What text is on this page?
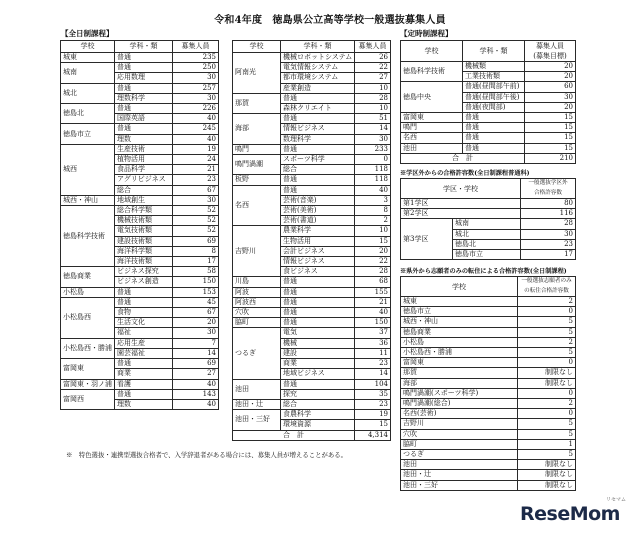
令和4年度　徳島県公立高等学校一般選抜募集人員
【全日制課程】	【定時制課程】
学校	学科・類	募集人員
城東	普通	235
城南	普通	250
	応用数理	30
城北	普通	257
	理数科学	30
徳島北	普通	226
	国際英語	40
徳島市立	普通	245
	理数	40
城西	生産技術	19
	植物活用	24
	食品科学	21
	アグリビジネス	23
	総合	67
城西・神山	地域創生	30
徳島科学技術	総合科学類	52
	機械技術類	52
	電気技術類	52
	建設技術類	69
	海洋科学類	8
	海洋技術類	17
徳島商業	ビジネス探究	58
	ビジネス創造	150
小松島	普通	153
小松島西	普通	45
	食物	67
	生活文化	20
	福祉	30
小松島西・勝浦	応用生産	7
	園芸福祉	14
富岡東	普通	69
	商業	27
富岡東・羽ノ浦	看護	40
富岡西	普通	143
	理数	40
学校	学科・類	募集人員
阿南光	機械ロボットシステム	26
	電気情報システム	22
	都市環境システム	27
	産業創造	10
那賀	普通	28
	森林クリエイト	10
海部	普通	51
	情報ビジネス	14
	数理科学	30
鳴門	普通	233
鳴門渦潮	スポーツ科学	0
	総合	118
板野	普通	118
名西	普通	40
	芸術(音楽)	3
	芸術(美術)	8
	芸術(書道)	2
吉野川	農業科学	10
	生物活用	15
	会計ビジネス	20
	情報ビジネス	22
	食ビジネス	28
川島	普通	68
阿波	普通	155
阿波西	普通	21
穴吹	普通	40
脇町	普通	150
つるぎ	電気	37
	機械	36
	建設	11
	商業	23
	地域ビジネス	14
池田	普通	104
	探究	35
池田・辻	総合	23
池田・三好	食農科学	19
	環境資源	15
合　計		4,314
学校	学科・類	募集人員
(募集目標)
徳島科学技術	機械類	20
	工業技術類	20
徳島中央	普通(昼間部午前)	60
	普通(昼間部午後)	30
	普通(夜間部)	20
富岡東	普通	15
鳴門	普通	15
名西	普通	15
池田	普通	15
合　計		210
※学区外からの合格許容数(全日制課程普通科)
学区・学校		一般選抜学区外
合格許容数
第1学区		80
第2学区		116
第3学区	城南	28
	城北	30
	徳島北	23
	徳島市立	17
※県外から志願者のみの転住による合格許容数(全日制課程)
学校	一般選抜志願者のみ
の転住合格許容数
城東	2
徳島市立	0
城西・神山	5
徳島商業	5
小松島	2
小松島西・勝浦	5
富岡東	0
那賀	制限なし
海部	制限なし
鳴門渦潮(スポーツ科学)	0
鳴門渦潮(総合)	2
名西(芸術)	0
吉野川	5
穴吹	5
脇町	1
つるぎ	5
池田	制限なし
池田・辻	制限なし
池田・三好	制限なし
※　特色選抜・連携型選抜合格者で、入学辞退者がある場合には、募集人員が増えることがある。
リセマム
ReseMom
